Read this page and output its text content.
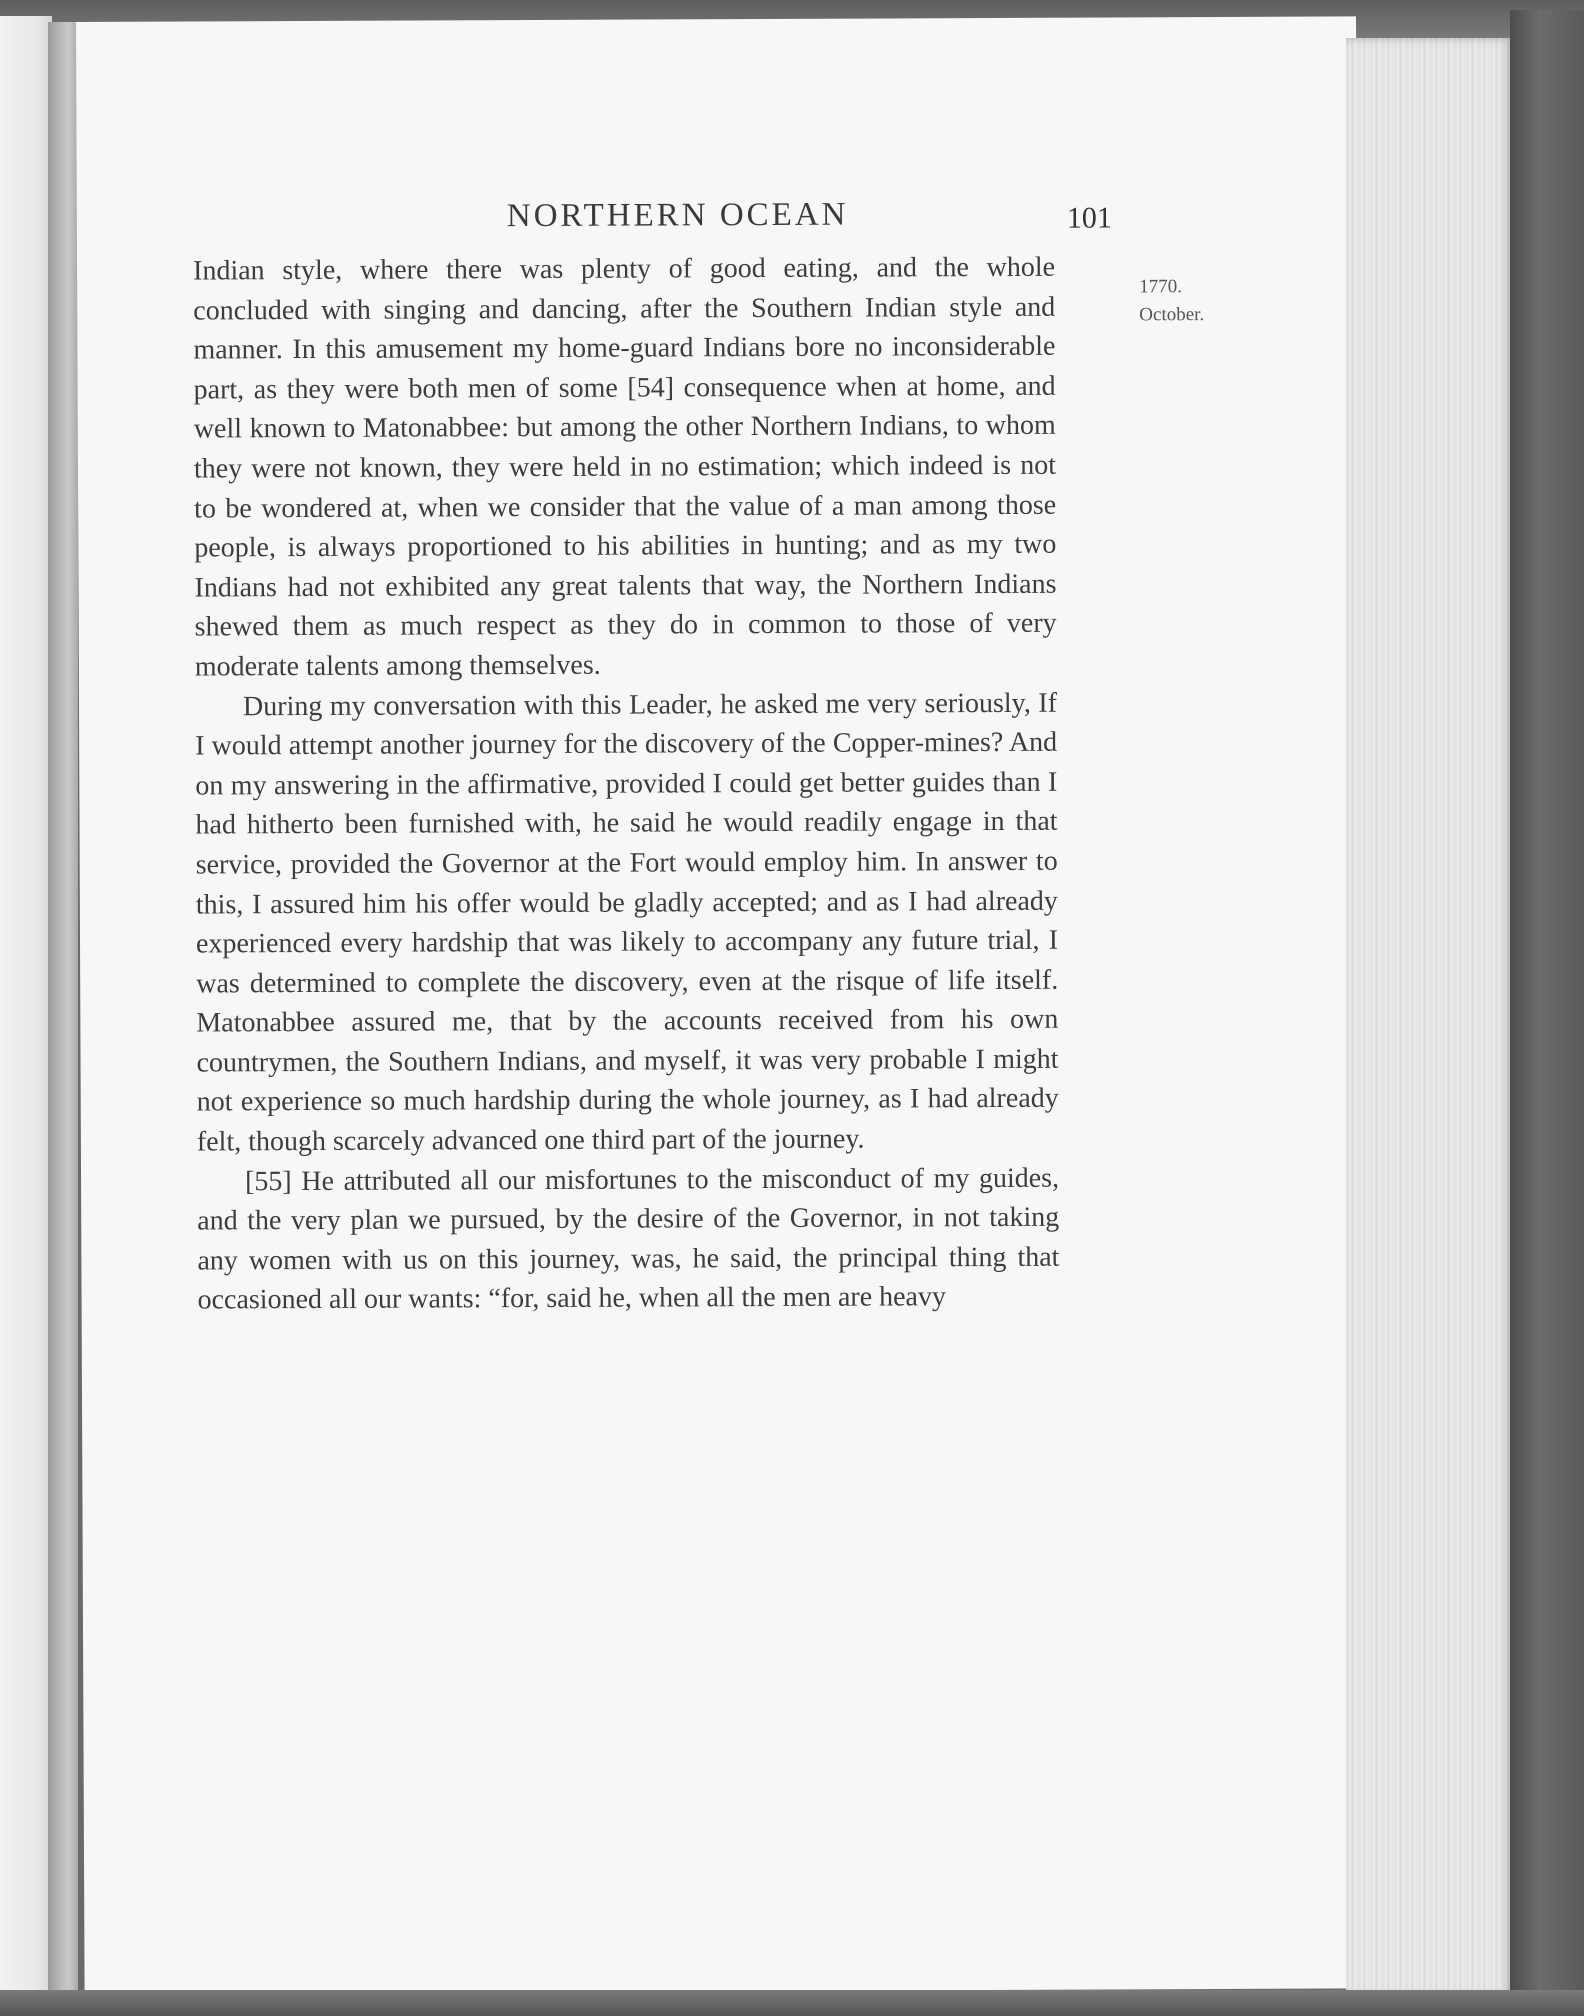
NORTHERN OCEAN	101
1770.
October.

Indian style, where there was plenty of good eating, and the whole concluded with singing and dancing, after the Southern Indian style and manner. In this amusement my home-guard Indians bore no inconsiderable part, as they were both men of some [54] consequence when at home, and well known to Matonabbee: but among the other Northern Indians, to whom they were not known, they were held in no estimation; which indeed is not to be wondered at, when we consider that the value of a man among those people, is always proportioned to his abilities in hunting; and as my two Indians had not exhibited any great talents that way, the Northern Indians shewed them as much respect as they do in common to those of very moderate talents among themselves.

During my conversation with this Leader, he asked me very seriously, If I would attempt another journey for the discovery of the Copper-mines? And on my answering in the affirmative, provided I could get better guides than I had hitherto been furnished with, he said he would readily engage in that service, provided the Governor at the Fort would employ him. In answer to this, I assured him his offer would be gladly accepted; and as I had already experienced every hardship that was likely to accompany any future trial, I was determined to complete the discovery, even at the risque of life itself. Matonabbee assured me, that by the accounts received from his own countrymen, the Southern Indians, and myself, it was very probable I might not experience so much hardship during the whole journey, as I had already felt, though scarcely advanced one third part of the journey.

[55] He attributed all our misfortunes to the misconduct of my guides, and the very plan we pursued, by the desire of the Governor, in not taking any women with us on this journey, was, he said, the principal thing that occasioned all our wants: “for, said he, when all the men are heavy
